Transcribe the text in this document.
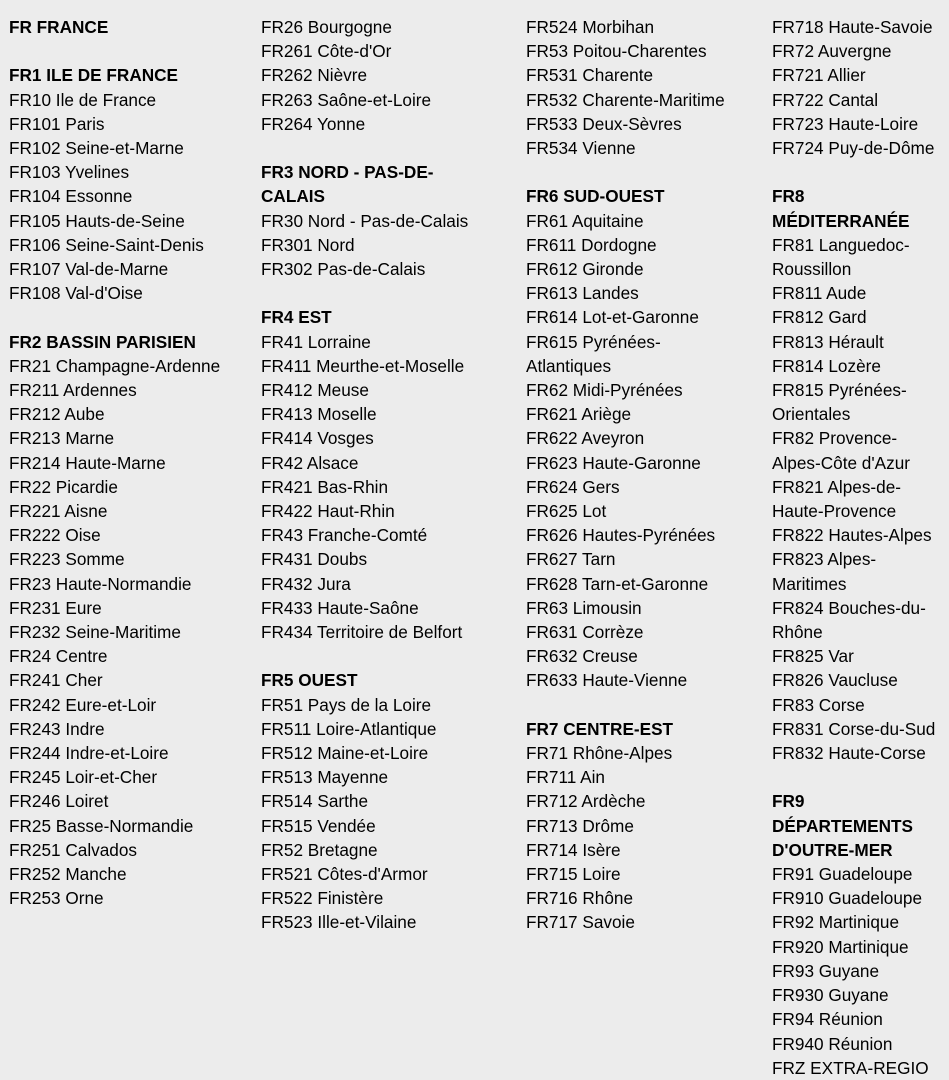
FR FRANCE
FR1 ILE DE FRANCE
FR10 Ile de France
FR101 Paris
FR102 Seine-et-Marne
FR103 Yvelines
FR104 Essonne
FR105 Hauts-de-Seine
FR106 Seine-Saint-Denis
FR107 Val-de-Marne
FR108 Val-d'Oise
FR2 BASSIN PARISIEN
FR21 Champagne-Ardenne
FR211 Ardennes
FR212 Aube
FR213 Marne
FR214 Haute-Marne
FR22 Picardie
FR221 Aisne
FR222 Oise
FR223 Somme
FR23 Haute-Normandie
FR231 Eure
FR232 Seine-Maritime
FR24 Centre
FR241 Cher
FR242 Eure-et-Loir
FR243 Indre
FR244 Indre-et-Loire
FR245 Loir-et-Cher
FR246 Loiret
FR25 Basse-Normandie
FR251 Calvados
FR252 Manche
FR253 Orne
FR26 Bourgogne
FR261 Côte-d'Or
FR262 Nièvre
FR263 Saône-et-Loire
FR264 Yonne
FR3 NORD - PAS-DE-
CALAIS
FR30 Nord - Pas-de-Calais
FR301 Nord
FR302 Pas-de-Calais
FR4 EST
FR41 Lorraine
FR411 Meurthe-et-Moselle
FR412 Meuse
FR413 Moselle
FR414 Vosges
FR42 Alsace
FR421 Bas-Rhin
FR422 Haut-Rhin
FR43 Franche-Comté
FR431 Doubs
FR432 Jura
FR433 Haute-Saône
FR434 Territoire de Belfort
FR5 OUEST
FR51 Pays de la Loire
FR511 Loire-Atlantique
FR512 Maine-et-Loire
FR513 Mayenne
FR514 Sarthe
FR515 Vendée
FR52 Bretagne
FR521 Côtes-d'Armor
FR522 Finistère
FR523 Ille-et-Vilaine
FR524 Morbihan
FR53 Poitou-Charentes
FR531 Charente
FR532 Charente-Maritime
FR533 Deux-Sèvres
FR534 Vienne
FR6 SUD-OUEST
FR61 Aquitaine
FR611 Dordogne
FR612 Gironde
FR613 Landes
FR614 Lot-et-Garonne
FR615 Pyrénées-
Atlantiques
FR62 Midi-Pyrénées
FR621 Ariège
FR622 Aveyron
FR623 Haute-Garonne
FR624 Gers
FR625 Lot
FR626 Hautes-Pyrénées
FR627 Tarn
FR628 Tarn-et-Garonne
FR63 Limousin
FR631 Corrèze
FR632 Creuse
FR633 Haute-Vienne
FR7 CENTRE-EST
FR71 Rhône-Alpes
FR711 Ain
FR712 Ardèche
FR713 Drôme
FR714 Isère
FR715 Loire
FR716 Rhône
FR717 Savoie
FR718 Haute-Savoie
FR72 Auvergne
FR721 Allier
FR722 Cantal
FR723 Haute-Loire
FR724 Puy-de-Dôme
FR8
MÉDITERRANÉE
FR81 Languedoc-
Roussillon
FR811 Aude
FR812 Gard
FR813 Hérault
FR814 Lozère
FR815 Pyrénées-
Orientales
FR82 Provence-
Alpes-Côte d'Azur
FR821 Alpes-de-
Haute-Provence
FR822 Hautes-Alpes
FR823 Alpes-
Maritimes
FR824 Bouches-du-
Rhône
FR825 Var
FR826 Vaucluse
FR83 Corse
FR831 Corse-du-Sud
FR832 Haute-Corse
FR9
DÉPARTEMENTS
D'OUTRE-MER
FR91 Guadeloupe
FR910 Guadeloupe
FR92 Martinique
FR920 Martinique
FR93 Guyane
FR930 Guyane
FR94 Réunion
FR940 Réunion
FRZ EXTRA-REGIO
